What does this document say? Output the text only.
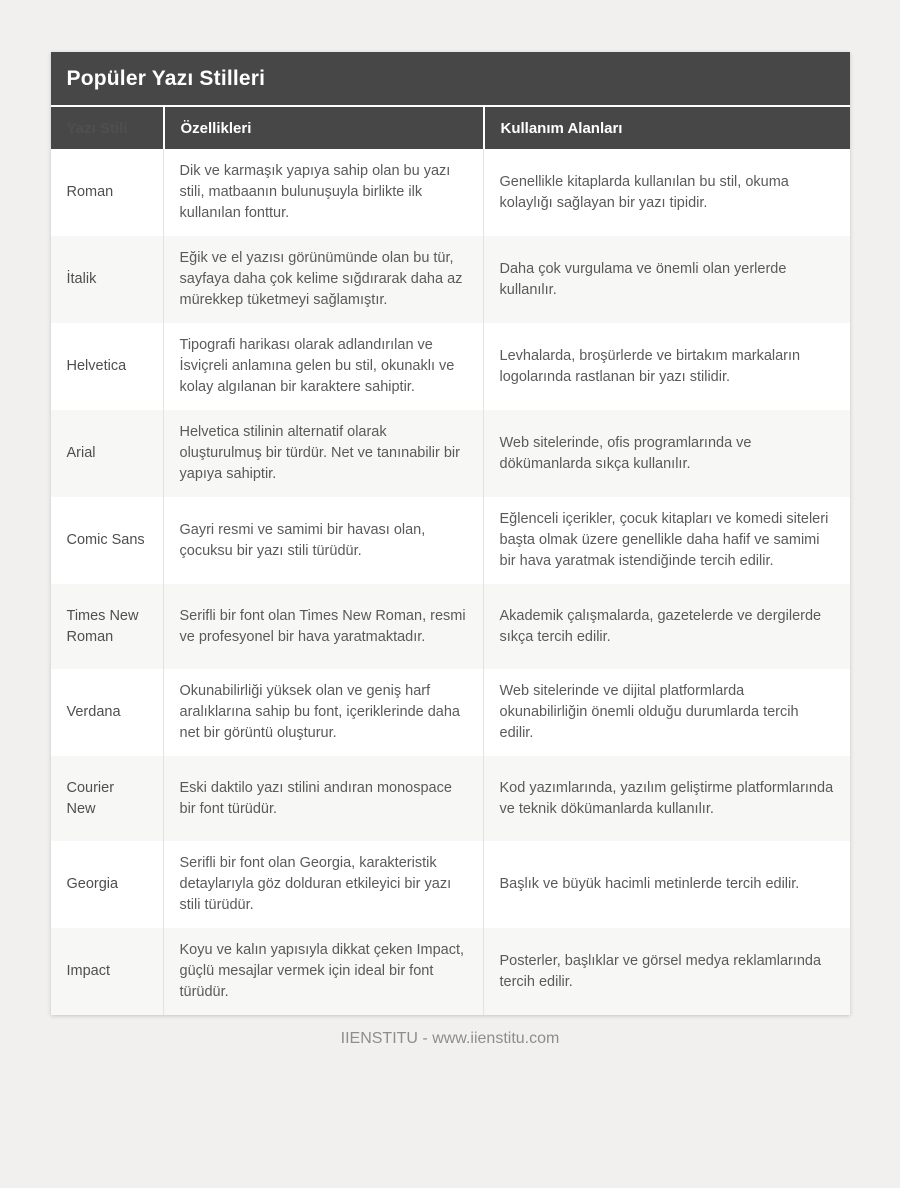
Popüler Yazı Stilleri
Yazı Stili	Özellikleri	Kullanım Alanları
Roman
Dik ve karmaşık yapıya sahip olan bu yazı stili, matbaanın bulunuşuyla birlikte ilk kullanılan fonttur.
Genellikle kitaplarda kullanılan bu stil, okuma kolaylığı sağlayan bir yazı tipidir.
İtalik
Eğik ve el yazısı görünümünde olan bu tür, sayfaya daha çok kelime sığdırarak daha az mürekkep tüketmeyi sağlamıştır.
Daha çok vurgulama ve önemli olan yerlerde kullanılır.
Helvetica
Tipografi harikası olarak adlandırılan ve İsviçreli anlamına gelen bu stil, okunaklı ve kolay algılanan bir karaktere sahiptir.
Levhalarda, broşürlerde ve birtakım markaların logolarında rastlanan bir yazı stilidir.
Arial
Helvetica stilinin alternatif olarak oluşturulmuş bir türdür. Net ve tanınabilir bir yapıya sahiptir.
Web sitelerinde, ofis programlarında ve dökümanlarda sıkça kullanılır.
Comic Sans
Gayri resmi ve samimi bir havası olan, çocuksu bir yazı stili türüdür.
Eğlenceli içerikler, çocuk kitapları ve komedi siteleri başta olmak üzere genellikle daha hafif ve samimi bir hava yaratmak istendiğinde tercih edilir.
Times New Roman
Serifli bir font olan Times New Roman, resmi ve profesyonel bir hava yaratmaktadır.
Akademik çalışmalarda, gazetelerde ve dergilerde sıkça tercih edilir.
Verdana
Okunabilirliği yüksek olan ve geniş harf aralıklarına sahip bu font, içeriklerinde daha net bir görüntü oluşturur.
Web sitelerinde ve dijital platformlarda okunabilirliğin önemli olduğu durumlarda tercih edilir.
Courier New
Eski daktilo yazı stilini andıran monospace bir font türüdür.
Kod yazımlarında, yazılım geliştirme platformlarında ve teknik dökümanlarda kullanılır.
Georgia
Serifli bir font olan Georgia, karakteristik detaylarıyla göz dolduran etkileyici bir yazı stili türüdür.
Başlık ve büyük hacimli metinlerde tercih edilir.
Impact
Koyu ve kalın yapısıyla dikkat çeken Impact, güçlü mesajlar vermek için ideal bir font türüdür.
Posterler, başlıklar ve görsel medya reklamlarında tercih edilir.
IIENSTITU - www.iienstitu.com
